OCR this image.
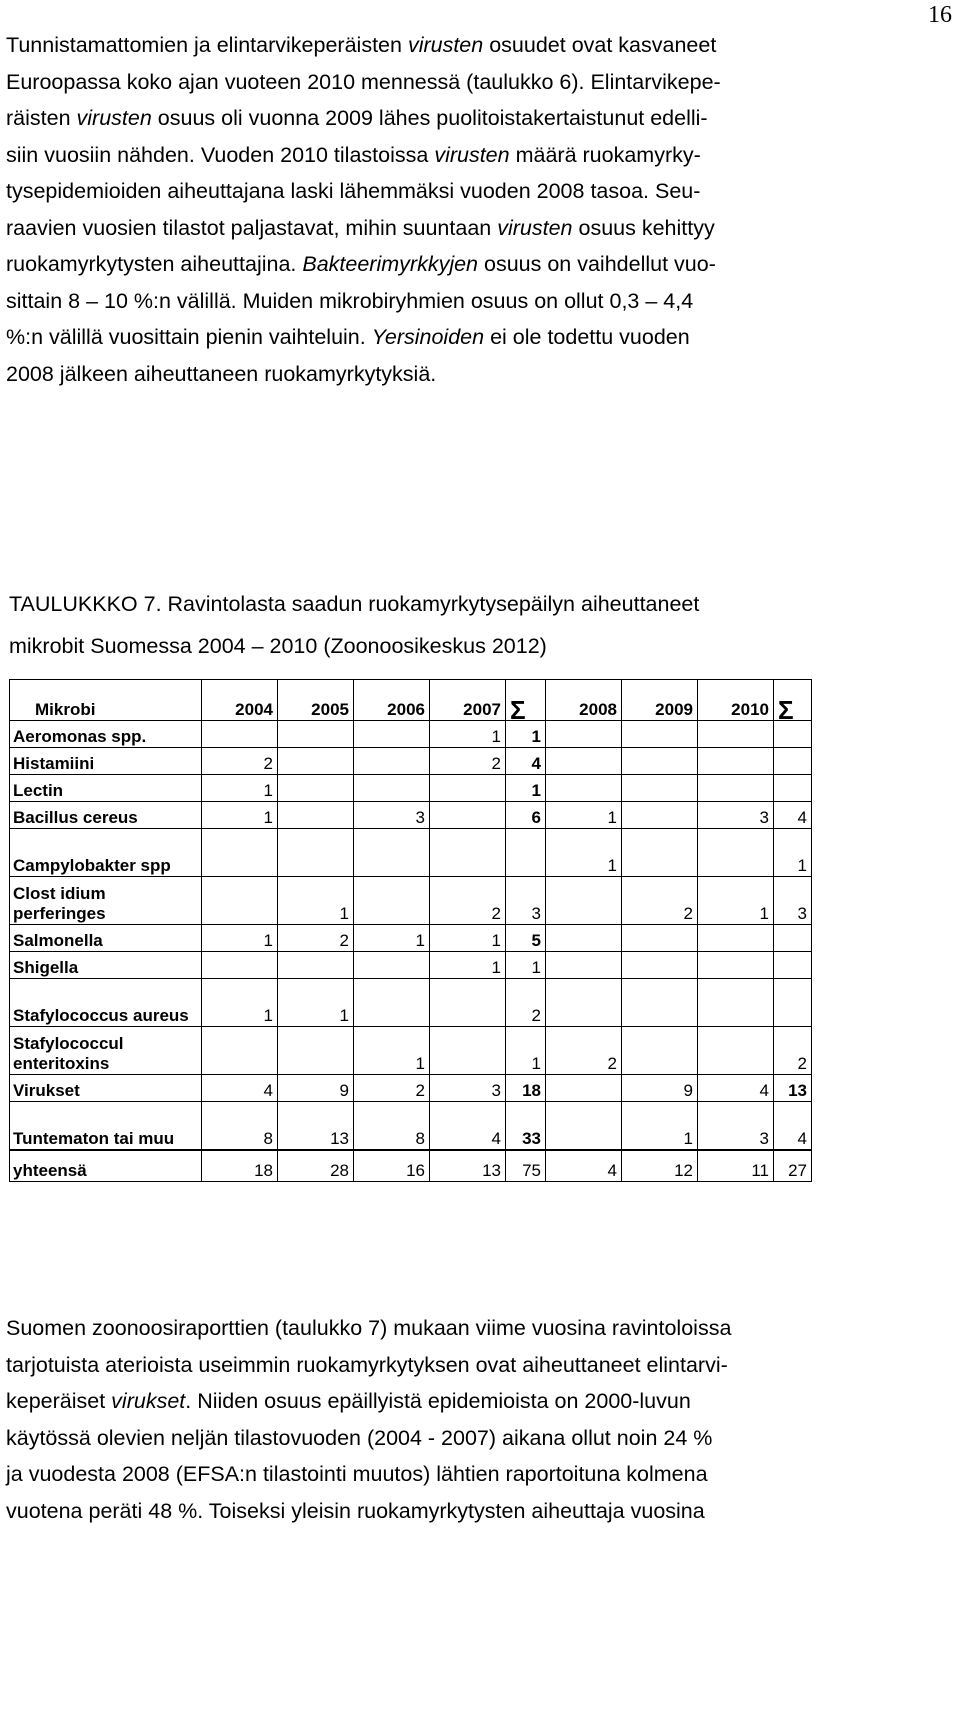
16
Tunnistamattomien ja elintarvikeperäisten virusten osuudet ovat kasvaneet
Euroopassa koko ajan vuoteen 2010 mennessä (taulukko 6). Elintarvikepe-
räisten virusten osuus oli vuonna 2009 lähes puolitoistakertaistunut edelli-
siin vuosiin nähden. Vuoden 2010 tilastoissa virusten määrä ruokamyrky-
tysepidemioiden aiheuttajana laski lähemmäksi vuoden 2008 tasoa. Seu-
raavien vuosien tilastot paljastavat, mihin suuntaan virusten osuus kehittyy
ruokamyrkytysten aiheuttajina. Bakteerimyrkkyjen osuus on vaihdellut vuo-
sittain 8 – 10 %:n välillä. Muiden mikrobiryhmien osuus on ollut 0,3 – 4,4
%:n välillä vuosittain pienin vaihteluin. Yersinoiden ei ole todettu vuoden
2008 jälkeen aiheuttaneen ruokamyrkytyksiä.
TAULUKKKO 7. Ravintolasta saadun ruokamyrkytysepäilyn aiheuttaneet
mikrobit Suomessa 2004 – 2010 (Zoonoosikeskus 2012)
Mikrobi	2004	2005	2006	2007	Σ	2008	2009	2010	Σ
Aeromonas spp.				1	1				
Histamiini	2			2	4				
Lectin	1				1				
Bacillus cereus	1		3		6	1		3	4
Campylobakter spp						1			1
Clost idium perferinges		1		2	3		2	1	3
Salmonella	1	2	1	1	5				
Shigella				1	1				
Stafylococcus aureus	1	1			2				
Stafylococcul enteritoxins			1		1	2			2
Virukset	4	9	2	3	18		9	4	13
Tuntematon tai muu	8	13	8	4	33		1	3	4
yhteensä	18	28	16	13	75	4	12	11	27
Suomen zoonoosiraporttien (taulukko 7) mukaan viime vuosina ravintoloissa
tarjotuista aterioista useimmin ruokamyrkytyksen ovat aiheuttaneet elintarvi-
keperäiset virukset. Niiden osuus epäillyistä epidemioista on 2000-luvun
käytössä olevien neljän tilastovuoden (2004 - 2007) aikana ollut noin 24 %
ja vuodesta 2008 (EFSA:n tilastointi muutos) lähtien raportoituna kolmena
vuotena peräti 48 %. Toiseksi yleisin ruokamyrkytysten aiheuttaja vuosina
